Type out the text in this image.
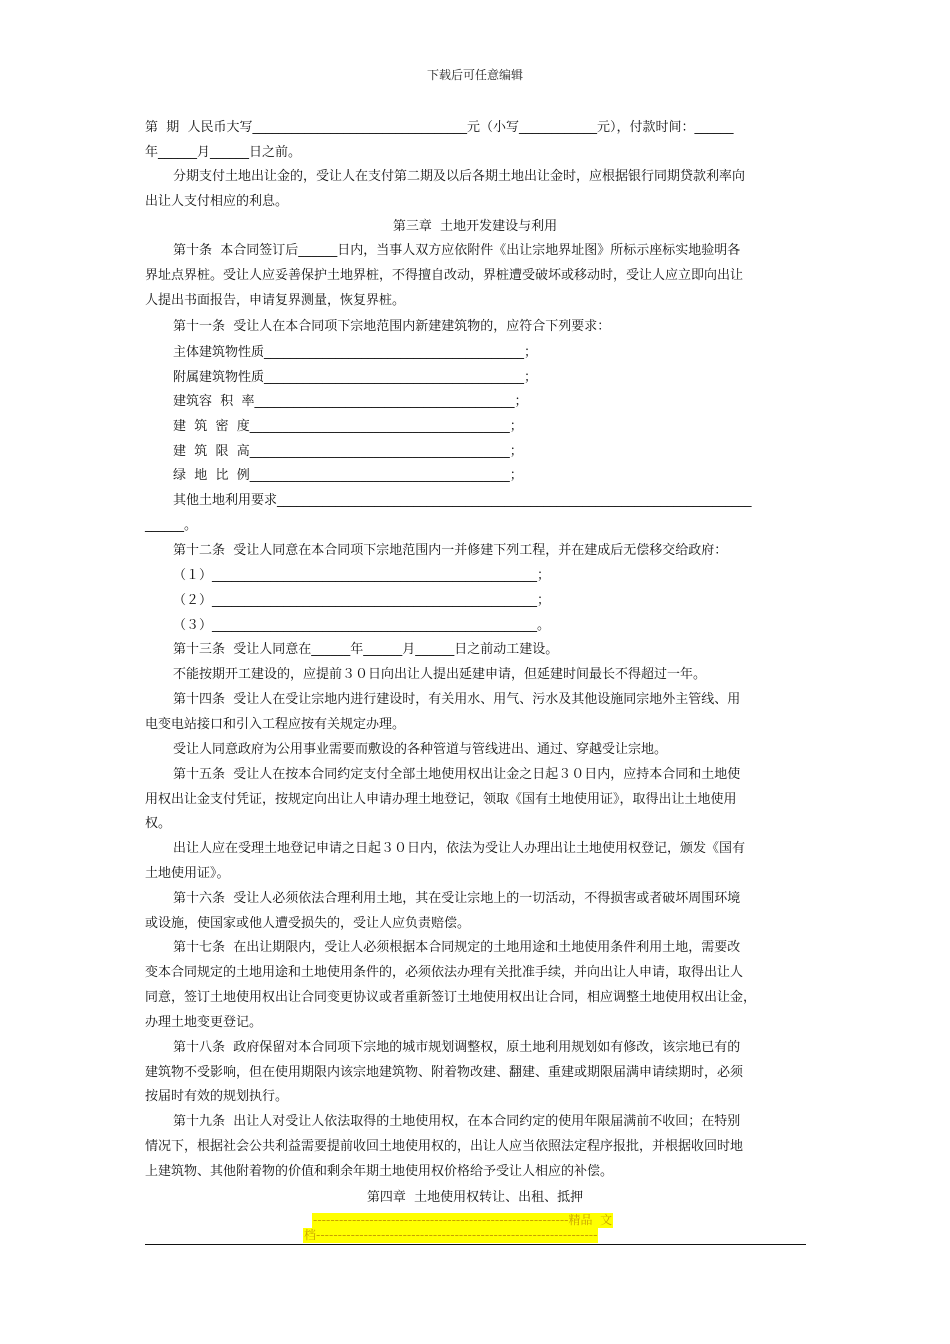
下载后可任意编辑
第  期  人民币大写_________________________________元（小写____________元），付款时间：______
年______月______日之前。
分期支付土地出让金的，受让人在支付第二期及以后各期土地出让金时，应根据银行同期贷款利率向
出让人支付相应的利息。
第三章  土地开发建设与利用
第十条  本合同签订后______日内，当事人双方应依附件《出让宗地界址图》所标示座标实地验明各
界址点界桩。受让人应妥善保护土地界桩，不得擅自改动，界桩遭受破坏或移动时，受让人应立即向出让
人提出书面报告，申请复界测量，恢复界桩。
第十一条  受让人在本合同项下宗地范围内新建建筑物的，应符合下列要求：
主体建筑物性质________________________________________；
附属建筑物性质________________________________________；
建筑容  积  率________________________________________；
建  筑  密  度________________________________________；
建  筑  限  高________________________________________；
绿  地  比  例________________________________________；
其他土地利用要求_________________________________________________________________________
______。
第十二条  受让人同意在本合同项下宗地范围内一并修建下列工程，并在建成后无偿移交给政府：
（１）__________________________________________________；
（２）__________________________________________________；
（３）__________________________________________________。
第十三条  受让人同意在______年______月______日之前动工建设。
不能按期开工建设的，应提前３０日向出让人提出延建申请，但延建时间最长不得超过一年。
第十四条  受让人在受让宗地内进行建设时，有关用水、用气、污水及其他设施同宗地外主管线、用
电变电站接口和引入工程应按有关规定办理。
受让人同意政府为公用事业需要而敷设的各种管道与管线进出、通过、穿越受让宗地。
第十五条  受让人在按本合同约定支付全部土地使用权出让金之日起３０日内，应持本合同和土地使
用权出让金支付凭证，按规定向出让人申请办理土地登记，领取《国有土地使用证》，取得出让土地使用
权。
出让人应在受理土地登记申请之日起３０日内，依法为受让人办理出让土地使用权登记，颁发《国有
土地使用证》。
第十六条  受让人必须依法合理利用土地，其在受让宗地上的一切活动，不得损害或者破坏周围环境
或设施，使国家或他人遭受损失的，受让人应负责赔偿。
第十七条  在出让期限内，受让人必须根据本合同规定的土地用途和土地使用条件利用土地，需要改
变本合同规定的土地用途和土地使用条件的，必须依法办理有关批准手续，并向出让人申请，取得出让人
同意，签订土地使用权出让合同变更协议或者重新签订土地使用权出让合同，相应调整土地使用权出让金，
办理土地变更登记。
第十八条  政府保留对本合同项下宗地的城市规划调整权，原土地利用规划如有修改，该宗地已有的
建筑物不受影响，但在使用期限内该宗地建筑物、附着物改建、翻建、重建或期限届满申请续期时，必须
按届时有效的规划执行。
第十九条  出让人对受让人依法取得的土地使用权，在本合同约定的使用年限届满前不收回；在特别
情况下，根据社会公共利益需要提前收回土地使用权的，出让人应当依照法定程序报批，并根据收回时地
上建筑物、其他附着物的价值和剩余年期土地使用权价格给予受让人相应的补偿。
第四章  土地使用权转让、出租、抵押
-----------------------------------------------------------精品  文
档-----------------------------------------------------------------
